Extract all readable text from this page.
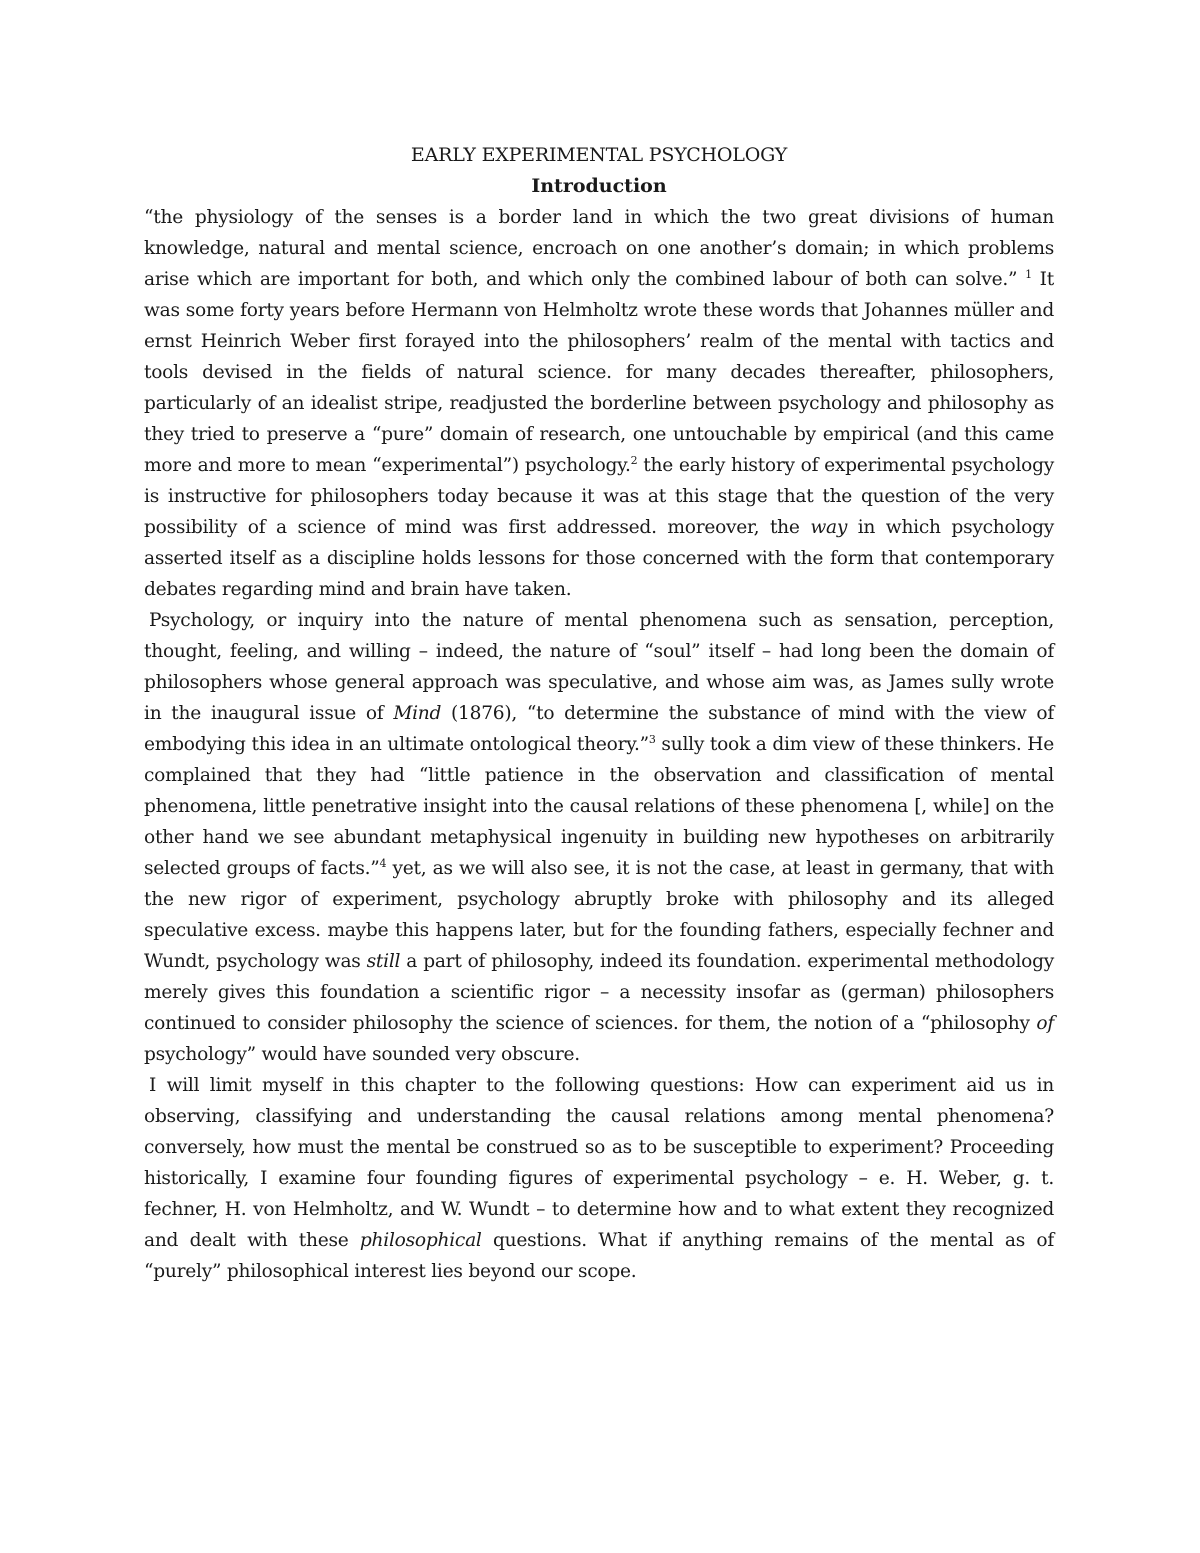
EARLY EXPERIMENTAL PSYCHOLOGY
Introduction

“the physiology of the senses is a border land in which the two great divisions of human knowledge, natural and mental science, encroach on one another’s domain; in which problems arise which are important for both, and which only the combined labour of both can solve.” $^1$ It was some forty years before Hermann von Helmholtz wrote these words that Johannes müller and ernst Heinrich Weber first forayed into the philosophers’ realm of the mental with tactics and tools devised in the fields of natural science. for many decades thereafter, philosophers, particularly of an idealist stripe, readjusted the borderline between psychology and philosophy as they tried to preserve a “pure” domain of research, one untouchable by empirical (and this came more and more to mean “experimental”) psychology.$^2$ the early history of experimental psychology is instructive for philosophers today because it was at this stage that the question of the very possibility of a science of mind was first addressed. moreover, the way in which psychology asserted itself as a discipline holds lessons for those concerned with the form that contemporary debates regarding mind and brain have taken.

Psychology, or inquiry into the nature of mental phenomena such as sensation, perception, thought, feeling, and willing – indeed, the nature of “soul” itself – had long been the domain of philosophers whose general approach was speculative, and whose aim was, as James sully wrote in the inaugural issue of Mind (1876), “to determine the substance of mind with the view of embodying this idea in an ultimate ontological theory.”$^3$ sully took a dim view of these thinkers. He complained that they had “little patience in the observation and classification of mental phenomena, little penetrative insight into the causal relations of these phenomena [, while] on the other hand we see abundant metaphysical ingenuity in building new hypotheses on arbitrarily selected groups of facts.”$^4$ yet, as we will also see, it is not the case, at least in germany, that with the new rigor of experiment, psychology abruptly broke with philosophy and its alleged speculative excess. maybe this happens later, but for the founding fathers, especially fechner and Wundt, psychology was still a part of philosophy, indeed its foundation. experimental methodology merely gives this foundation a scientific rigor – a necessity insofar as (german) philosophers continued to consider philosophy the science of sciences. for them, the notion of a “philosophy of psychology” would have sounded very obscure.

I will limit myself in this chapter to the following questions: How can experiment aid us in observing, classifying and understanding the causal relations among mental phenomena? conversely, how must the mental be construed so as to be susceptible to experiment? Proceeding historically, I examine four founding figures of experimental psychology – e. H. Weber, g. t. fechner, H. von Helmholtz, and W. Wundt – to determine how and to what extent they recognized and dealt with these philosophical questions. What if anything remains of the mental as of “purely” philosophical interest lies beyond our scope.
